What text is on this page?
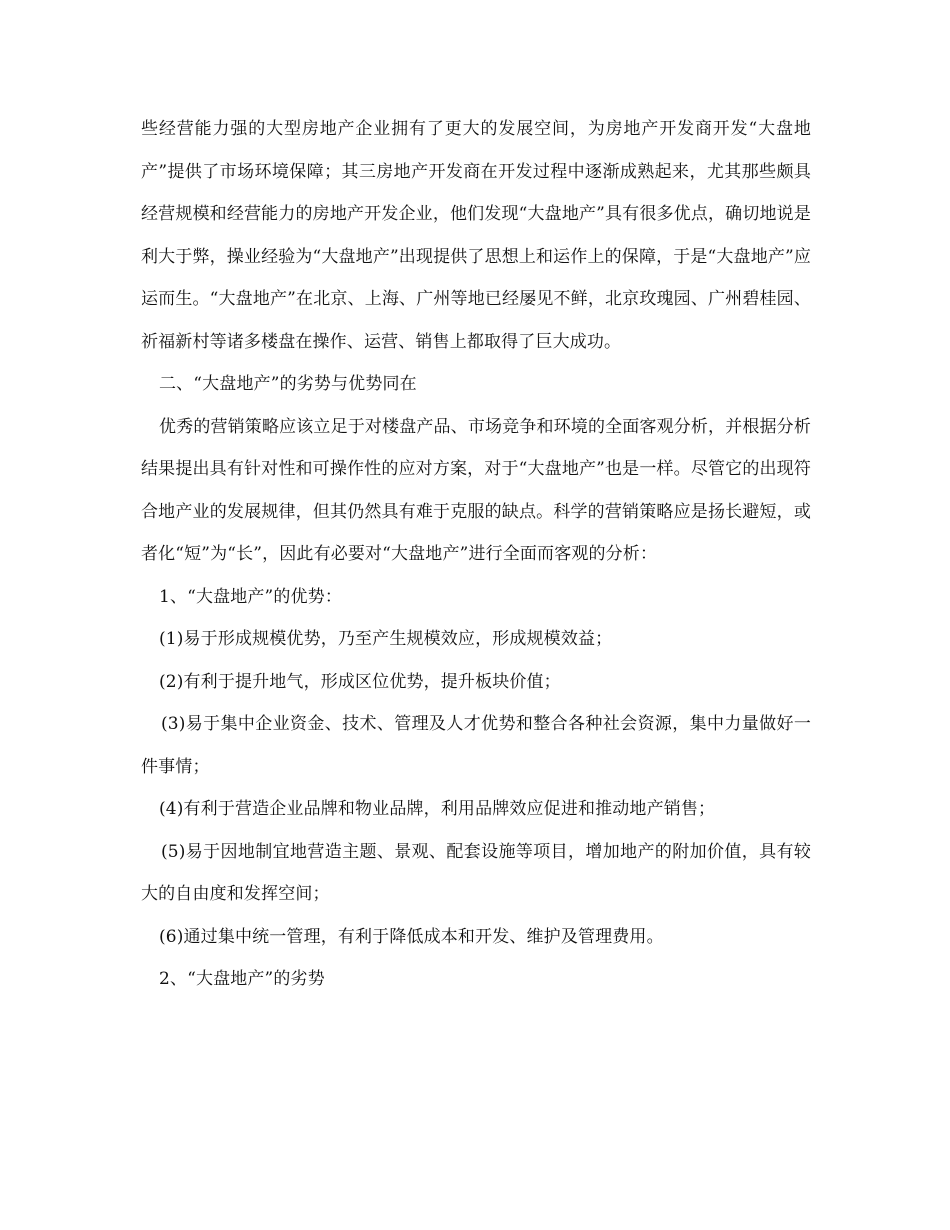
些经营能力强的大型房地产企业拥有了更大的发展空间，为房地产开发商开发“大盘地产”提供了市场环境保障；其三房地产开发商在开发过程中逐渐成熟起来，尤其那些颇具经营规模和经营能力的房地产开发企业，他们发现“大盘地产”具有很多优点，确切地说是利大于弊，操业经验为“大盘地产”出现提供了思想上和运作上的保障，于是“大盘地产”应运而生。“大盘地产”在北京、上海、广州等地已经屡见不鲜，北京玫瑰园、广州碧桂园、祈福新村等诸多楼盘在操作、运营、销售上都取得了巨大成功。

二、“大盘地产”的劣势与优势同在

优秀的营销策略应该立足于对楼盘产品、市场竞争和环境的全面客观分析，并根据分析结果提出具有针对性和可操作性的应对方案，对于“大盘地产”也是一样。尽管它的出现符合地产业的发展规律，但其仍然具有难于克服的缺点。科学的营销策略应是扬长避短，或者化“短”为“长”，因此有必要对“大盘地产”进行全面而客观的分析：

1、“大盘地产”的优势：

(1)易于形成规模优势，乃至产生规模效应，形成规模效益；

(2)有利于提升地气，形成区位优势，提升板块价值；

(3)易于集中企业资金、技术、管理及人才优势和整合各种社会资源，集中力量做好一件事情；

(4)有利于营造企业品牌和物业品牌，利用品牌效应促进和推动地产销售；

(5)易于因地制宜地营造主题、景观、配套设施等项目，增加地产的附加价值，具有较大的自由度和发挥空间；

(6)通过集中统一管理，有利于降低成本和开发、维护及管理费用。

2、“大盘地产”的劣势
